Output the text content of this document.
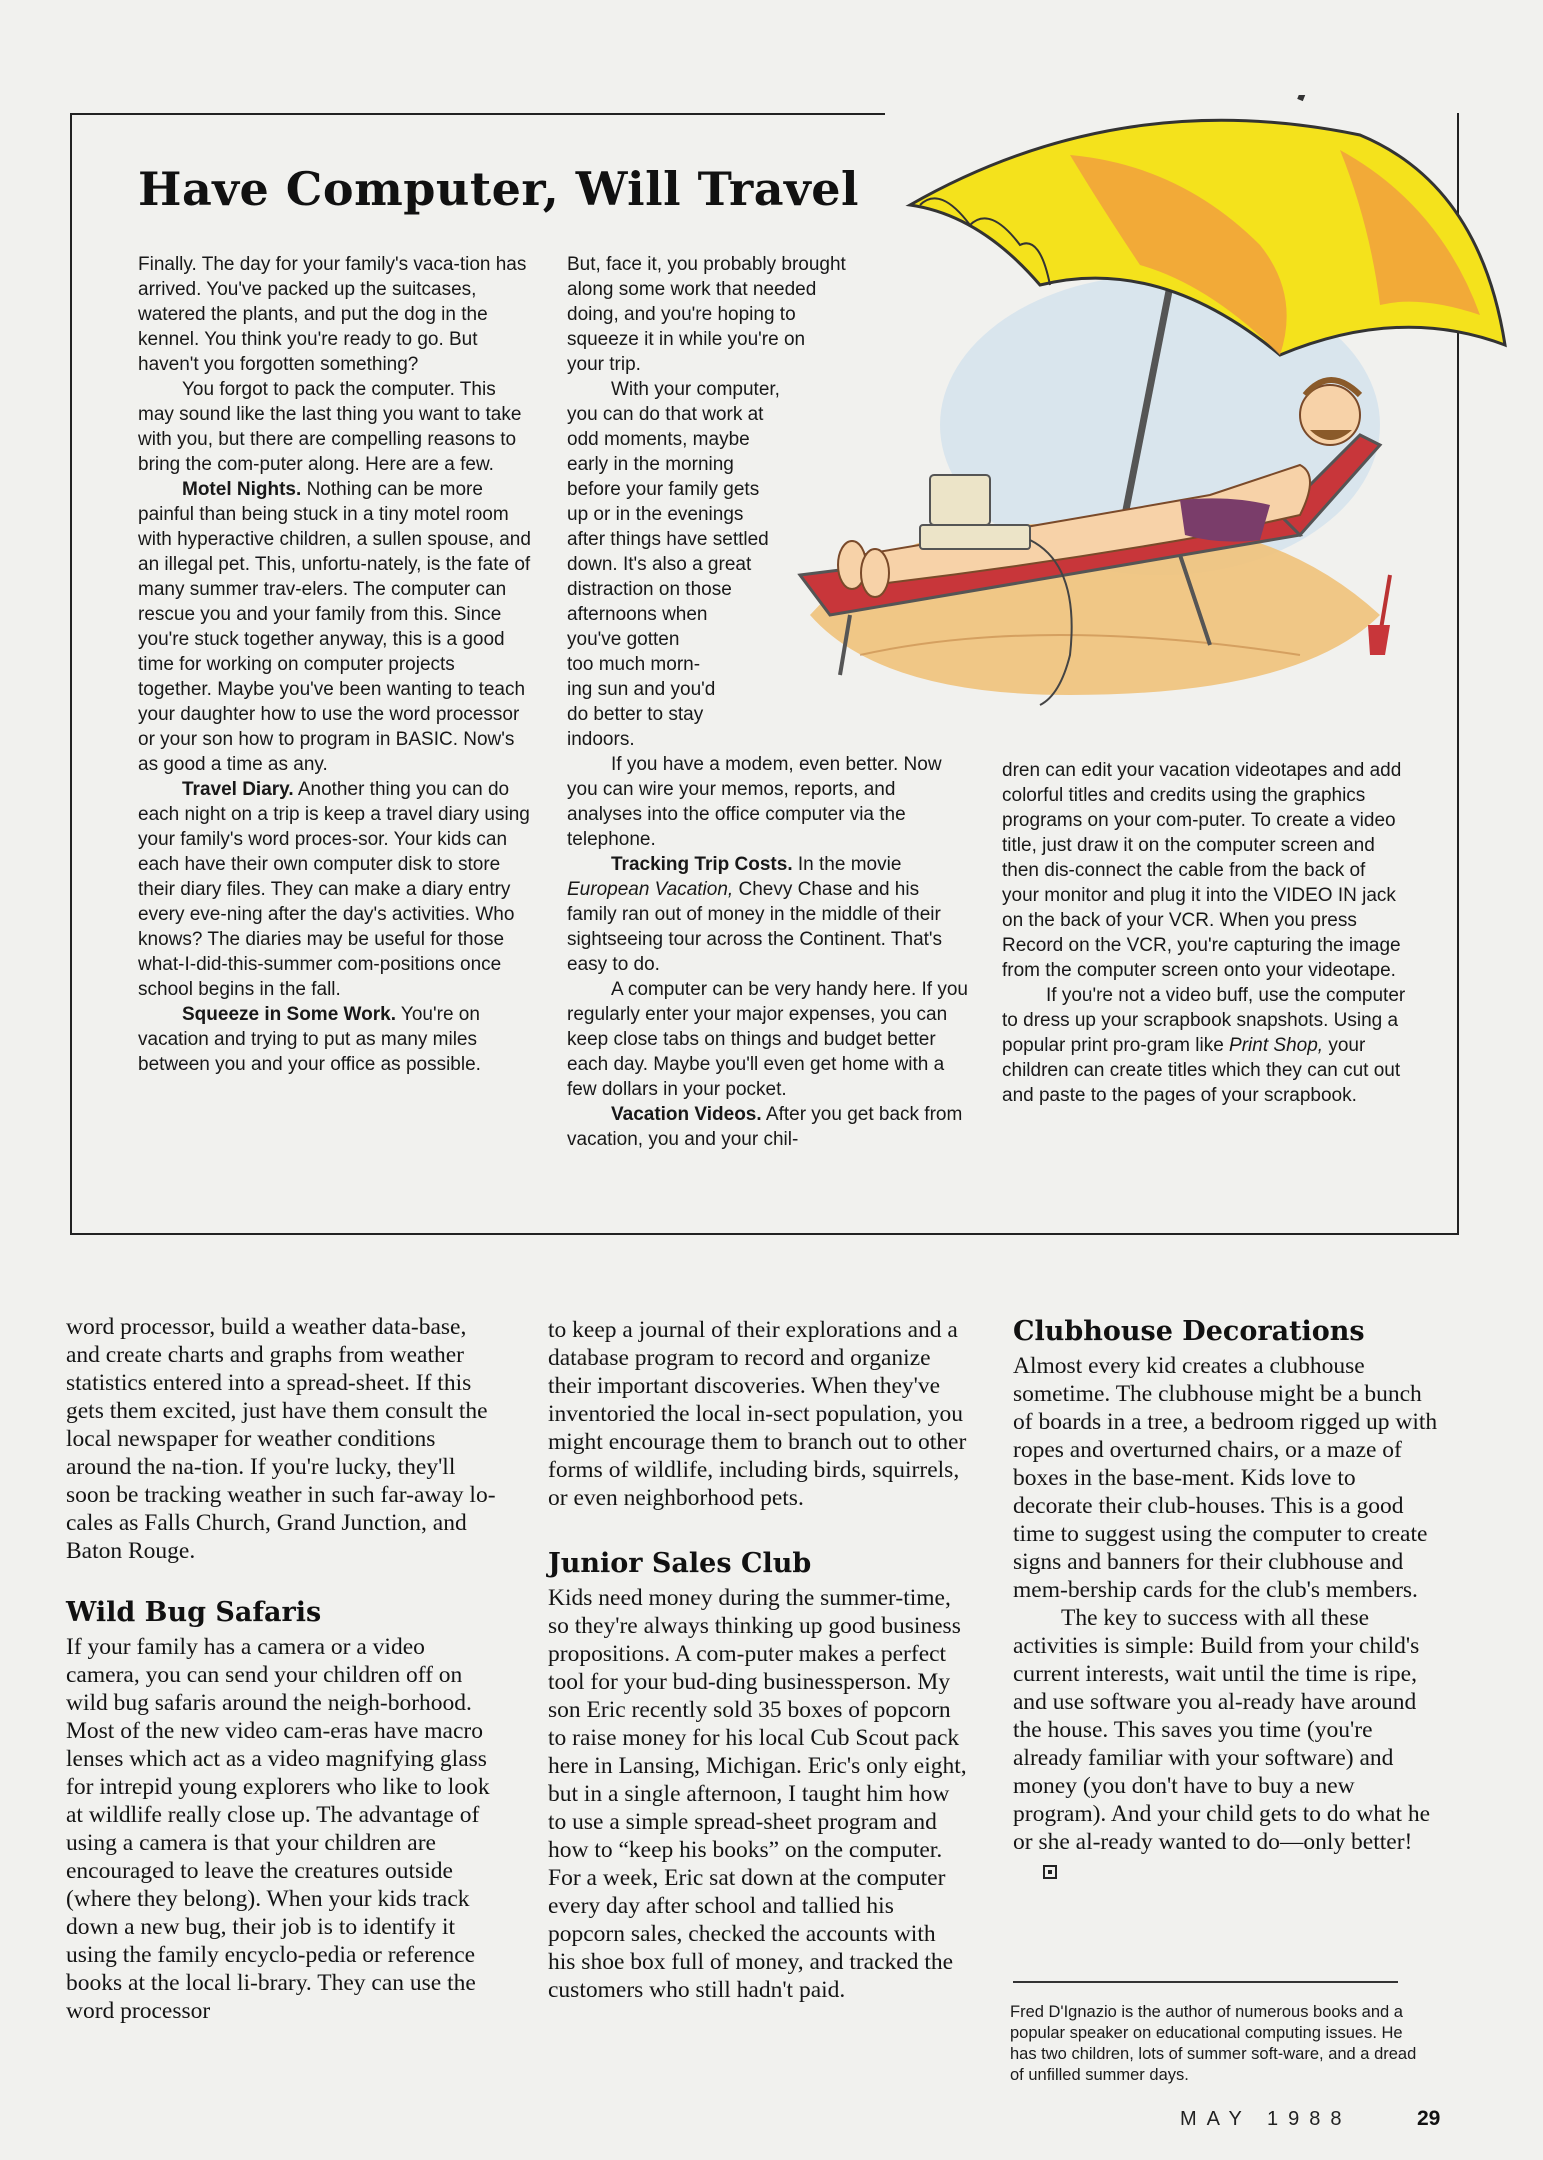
Have Computer, Will Travel

Finally. The day for your family's vaca-tion has arrived. You've packed up the suitcases, watered the plants, and put the dog in the kennel. You think you're ready to go. But haven't you forgotten something?

You forgot to pack the computer. This may sound like the last thing you want to take with you, but there are compelling reasons to bring the com-puter along. Here are a few.

Motel Nights. Nothing can be more painful than being stuck in a tiny motel room with hyperactive children, a sullen spouse, and an illegal pet. This, unfortu-nately, is the fate of many summer trav-elers. The computer can rescue you and your family from this. Since you're stuck together anyway, this is a good time for working on computer projects together. Maybe you've been wanting to teach your daughter how to use the word processor or your son how to program in BASIC. Now's as good a time as any.

Travel Diary. Another thing you can do each night on a trip is keep a travel diary using your family's word proces-sor. Your kids can each have their own computer disk to store their diary files. They can make a diary entry every eve-ning after the day's activities. Who knows? The diaries may be useful for those what-I-did-this-summer com-positions once school begins in the fall.

Squeeze in Some Work. You're on vacation and trying to put as many miles between you and your office as possible.

But, face it, you probably brought

along some work that needed

doing, and you're hoping to

squeeze it in while you're on

your trip.

With your computer,

you can do that work at

odd moments, maybe

early in the morning

before your family gets

up or in the evenings

after things have settled

down. It's also a great

distraction on those

afternoons when

you've gotten

too much morn-

ing sun and you'd

do better to stay

indoors.

If you have a modem, even better. Now you can wire your memos, reports, and analyses into the office computer via the telephone.

Tracking Trip Costs. In the movie European Vacation, Chevy Chase and his family ran out of money in the middle of their sightseeing tour across the Continent. That's easy to do.

A computer can be very handy here. If you regularly enter your major expenses, you can keep close tabs on things and budget better each day. Maybe you'll even get home with a few dollars in your pocket.

Vacation Videos. After you get back from vacation, you and your chil-

dren can edit your vacation videotapes and add colorful titles and credits using the graphics programs on your com-puter. To create a video title, just draw it on the computer screen and then dis-connect the cable from the back of your monitor and plug it into the VIDEO IN jack on the back of your VCR. When you press Record on the VCR, you're capturing the image from the computer screen onto your videotape.

If you're not a video buff, use the computer to dress up your scrapbook snapshots. Using a popular print pro-gram like Print Shop, your children can create titles which they can cut out and paste to the pages of your scrapbook.

word processor, build a weather data-base, and create charts and graphs from weather statistics entered into a spread-sheet. If this gets them excited, just have them consult the local newspaper for weather conditions around the na-tion. If you're lucky, they'll soon be tracking weather in such far-away lo-cales as Falls Church, Grand Junction, and Baton Rouge.

Wild Bug Safaris

If your family has a camera or a video camera, you can send your children off on wild bug safaris around the neigh-borhood. Most of the new video cam-eras have macro lenses which act as a video magnifying glass for intrepid young explorers who like to look at wildlife really close up. The advantage of using a camera is that your children are encouraged to leave the creatures outside (where they belong). When your kids track down a new bug, their job is to identify it using the family encyclo-pedia or reference books at the local li-brary. They can use the word processor

to keep a journal of their explorations and a database program to record and organize their important discoveries. When they've inventoried the local in-sect population, you might encourage them to branch out to other forms of wildlife, including birds, squirrels, or even neighborhood pets.

Junior Sales Club

Kids need money during the summer-time, so they're always thinking up good business propositions. A com-puter makes a perfect tool for your bud-ding businessperson. My son Eric recently sold 35 boxes of popcorn to raise money for his local Cub Scout pack here in Lansing, Michigan. Eric's only eight, but in a single afternoon, I taught him how to use a simple spread-sheet program and how to “keep his books” on the computer. For a week, Eric sat down at the computer every day after school and tallied his popcorn sales, checked the accounts with his shoe box full of money, and tracked the customers who still hadn't paid.

Clubhouse Decorations

Almost every kid creates a clubhouse sometime. The clubhouse might be a bunch of boards in a tree, a bedroom rigged up with ropes and overturned chairs, or a maze of boxes in the base-ment. Kids love to decorate their club-houses. This is a good time to suggest using the computer to create signs and banners for their clubhouse and mem-bership cards for the club's members.

The key to success with all these activities is simple: Build from your child's current interests, wait until the time is ripe, and use software you al-ready have around the house. This saves you time (you're already familiar with your software) and money (you don't have to buy a new program). And your child gets to do what he or she al-ready wanted to do—only better!

Fred D'Ignazio is the author of numerous books and a popular speaker on educational computing issues. He has two children, lots of summer soft-ware, and a dread of unfilled summer days.
MAY 1988	29
